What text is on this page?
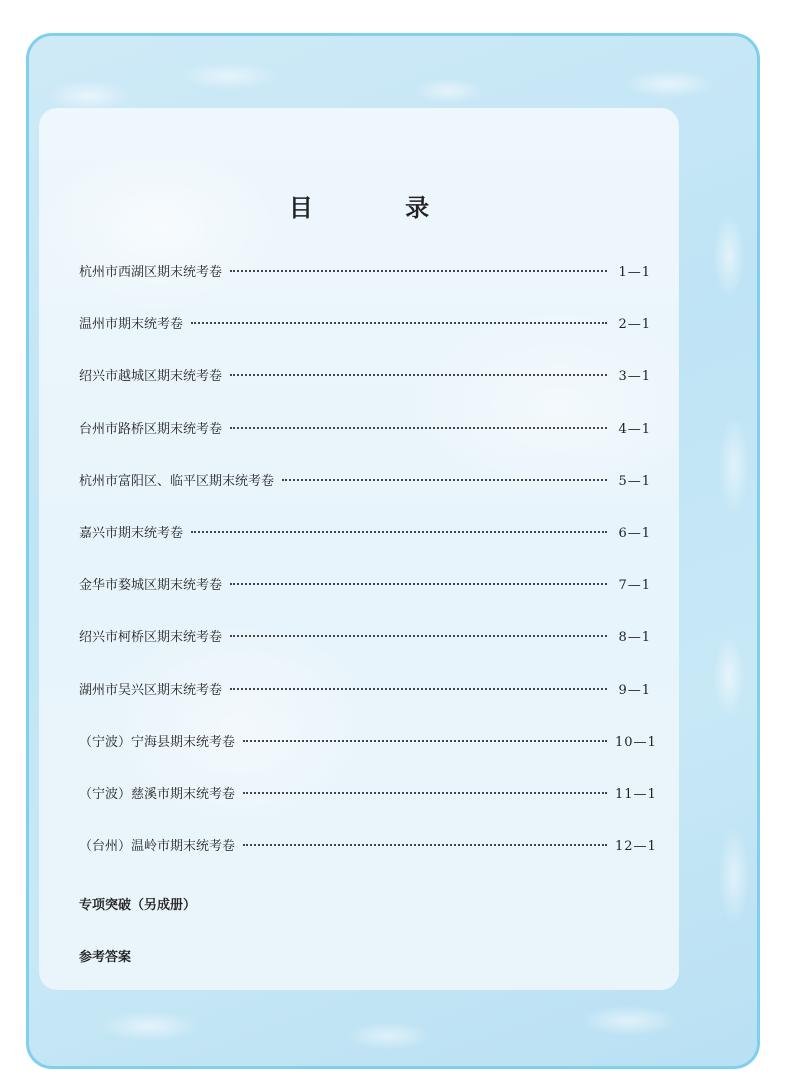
目 录
杭州市西湖区期末统考卷	1—1
温州市期末统考卷	2—1
绍兴市越城区期末统考卷	3—1
台州市路桥区期末统考卷	4—1
杭州市富阳区、临平区期末统考卷	5—1
嘉兴市期末统考卷	6—1
金华市婺城区期末统考卷	7—1
绍兴市柯桥区期末统考卷	8—1
湖州市吴兴区期末统考卷	9—1
（宁波）宁海县期末统考卷	10—1
（宁波）慈溪市期末统考卷	11—1
（台州）温岭市期末统考卷	12—1
专项突破（另成册）
参考答案
